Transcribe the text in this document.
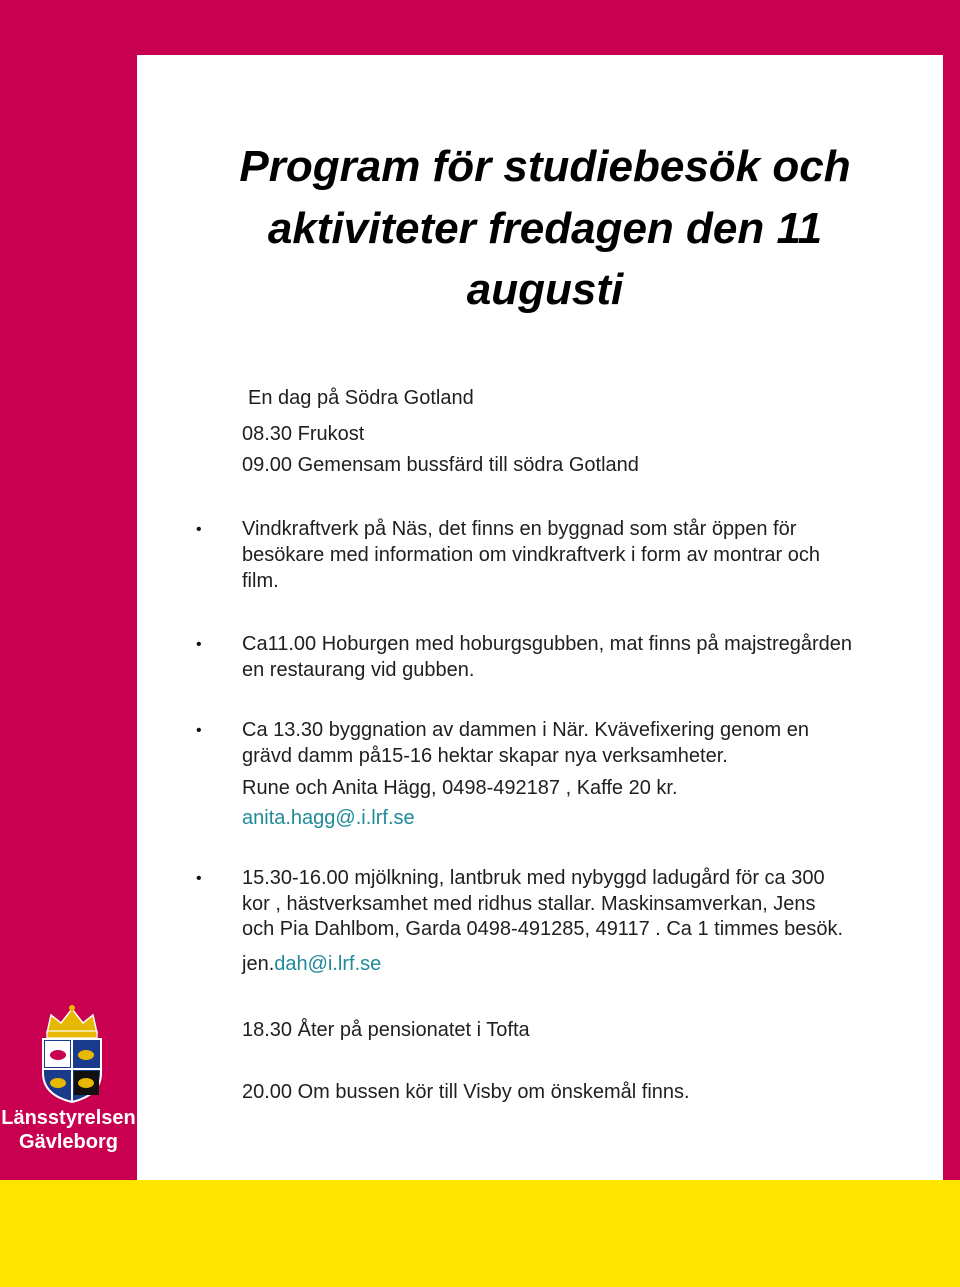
Program för studiebesök och
aktiviteter fredagen den 11
augusti
En dag på Södra Gotland
08.30 Frukost
09.00 Gemensam bussfärd till södra Gotland
• Vindkraftverk på Näs, det finns en byggnad som står öppen för
besökare med information om vindkraftverk i form av montrar och
film.
• Ca11.00 Hoburgen med hoburgsgubben, mat finns på majstregården
en restaurang vid gubben.
• Ca 13.30 byggnation av dammen i När. Kvävefixering genom en
grävd damm på15-16 hektar skapar nya verksamheter.
Rune och Anita Hägg, 0498-492187 , Kaffe 20 kr.
anita.hagg@.i.lrf.se
• 15.30-16.00 mjölkning, lantbruk med nybyggd ladugård för ca 300
kor , hästverksamhet med ridhus stallar. Maskinsamverkan, Jens
och Pia Dahlbom, Garda 0498-491285, 49117 . Ca 1 timmes besök.
jen.dah@i.lrf.se
18.30 Åter på pensionatet i Tofta
20.00 Om bussen kör till Visby om önskemål finns.
Länsstyrelsen
Gävleborg
